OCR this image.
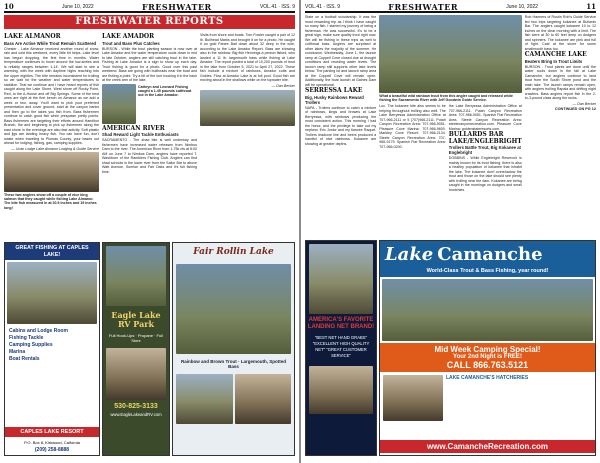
10	June 10, 2022	FRESHWATER	VOL.41 · ISS. 9
FRESHWATER REPORTS
LAKE ALMANOR
Bass Are Active While Trout Remain Scattered

Chester - Lake Almanor received another round of snow, rain and cold this weekend, every little bit helps. Lake level has begun dropping, the first time in months. Water temperature continues to hover around the low-sixties and is reliably ranges between 1-14'. We will start to see a warming, with the week with daytime highs reaching into the upper eighties. The bite remains inconsistent for trolling so we wait for the weather and water temperatures to stabilize. That we continue and I have heard reports of fish caught along the Lake Shore, West shore off Rocky Point, Red, to the A-House and off Big Springs. Some of the best ones are right at the first bench on Almanor as we add a week or two, away. You'll want to pick your preferred presentation and cover ground, start at the canyon banks and then go to the lakes you fish from. Bass fishermen continue to catch good fish while prespawn pretty points. Bass fishermen are targeting their efforts around Hamilton Branch, the and beginning to pick up fishermen along the east shore in the evenings are also fast activity. Soft plastic and jigs are landing heavy fish. You can have fun, don't waste when traveling to Plumas County, your bases out ahead for lodging, fishing, gas, camping supplies.

— Ucan Lodge Lake Almanor Lodging & Guide Service

These two anglers show off a couple of nice king salmon that they caught while fishing Lake Almanor. The bite fish measured in at 20.5 inches and 19 inches long!
LAKE AMADOR
Trout and Bass Plus Catches

BURSON - While the trout planting season is now over at Lake Amador and the water temperature cools down in mid to late October, anglers are still catching trout in the lake. Fishing at Lake Amador is a sign to show up each day. Trout fishing is good for a photo. Good over this past weekend. Bass are going with bullheads near the boat and are fishing a point. Try a bit of the lure hooking it in the back at the creek arm of the lake.

Cathryn and Leonard Fishing caught a 1.45 pounds cutthroat out in the Lake Amador.
AMERICAN RIVER
Shad Reward Light Tackle Enthusiasts

SACRAMENTO - The shad bite is well underway and fishermen have increased water releases from Nimbus Dam to the river. The American River from 1.75k cfs at 8:00 AM on June 7 to Nimbus Dam, anglers have reported T. Washburn of the Ramblers Fishing Club. Anglers can find shad schools in the lower river from the Sailor Bar to above Watt Avenue, Sunrise and Fair Oaks and it's full fishing time.

Visits from shore and boats. Tom Fowler caught a pair of 12 lb. Bullhead Marks and brought it on for a photo. He caught it on gold Panee Bait down about 32 deep in the wire, according to the Lake Amador Report. Bass are showing also in the rainbow. Big fish Hennings a person fished, who landed a 11 lb. largemouth bass while fishing at Lake Amador. The report posted a total of 10,200 pounds of trout in the lake from October 5, 2021 to April 27, 2022. These fish include a mixture of rainbows, Amador cutts and Gobies. Flow at Amador Lake is at full pool. Good fish are moving about in the shallows while on the topwater bite.

— Dan Becker

GREAT FISHING AT CAPLES LAKE!
Cabins and Lodge Room
Fishing Tackle
Camping Supplies
Marina
Boat Rentals
CAPLES LAKE RESORT
P.O. Box 8, Kirkwood, Caifornia
(209) 258-8888
Eagle Lake RV Park
Full Hook-Ups · Propane · Full Store
530-825-3133
www.EagleLakeandRV.com
Fair Rollin Lake
Rainbow and Brown Trout · Largemouth, Spotted Bass
VOL.41 · ISS. 9	FRESHWATER	June 10, 2022	11

State on a football scholarship. It was the most rewarding trip as I think I have caught so many fish. I started my journey of being a fisherman. He was successful. It's to be a great sign, make sure quality trout right now. We will be fishing in these trips as well to cutthroat bass. Anglers are surprised at other lakes the majority of the summer. He conclusion. Wednesday, June 1, the launch ramp at Coppell Cove closed due at drought conditions and receding water levels. The launch ramp still supports other lake levels below. The parking lot and launch ramp area at the Coppell Cove will remain open. Additionally, the boat launch at Gaines Dam will be operational.

SERRESSA LAKE
Big, Husky Rainbows Reward Trollers

NAPA - Trollers continue to catch a mixture of rainbows, kings and browns at Lake Berryessa, with rainbows producing the most consistent action. This morning I had the honor, and the privilege to take out my nephew, Eric Junior and my fiancée Raquel. Trollers leadcore line and beers produced a handful of nice rainbows. Kokanee are showing at greater depths.

What a beautiful wild rainbow trout from this angler caught and released while fishing the Sacramento River with Jeff Goodwin Guide Service.

Loc. The kokanee bite also seems to be helping throughout trolling also well. The Lake Berryessa Administration Office at 707-966-2111 or 5 (707)966-2111. Putah Canyon Recreation Area: 707-966-9051. Pleasure Cove Marina: 707-966-9600. Markley Cove Resort: 707-966-2134. Steele Canyon Recreation Area: 707-966-9179. Spanish Flat Recreation Area: 707-966-0200.

the Lake Berryessa Administration Office at 707-966-2111. Putah Canyon Recreation Area: 707-966-9051. Spanish Flat Recreation Area. Steele Canyon Recreation Area: steelecanyonrecreation.com. Pleasure Cove Marina: goldenstateresorts.com.

BULLARDS BAR LAKE/ENGLEBRIGHT
Trollers Battle Trout, Big Kokanee at Englebright

DOBBINS - While Englebright Reservoir is mainly known for its trout fishing, there is also a healthy population of kokanee that inhabit the lake. The kokanee don't overshadow the trout and those on the lake should see plenty with trolling near the dam. Kokanee are being caught in the mornings on dodgers and small hootchies.

Rob Hanners of Rustin Rob's Guide Service led two trips targeting kokanee at Bullards Bar. The anglers caught kokanee 10 to 12 inches on the clear morning with a limit. The fish were at 30 to 60 feet deep on dodgers and spinners. The kokanee are pink and full of fight. Cast at the shore for some smallmouth bass too.

CAMANCHE LAKE
Beaters Bring In Trout Limits

BURSON - Trout plants are done until the water cools down in the fall at Lake Camanche, but anglers continue to land trout from the South Shore pond and the main lake. The launch ramps remain open, with anglers trolling Rapala and drifting night crawlers. Bass anglers report fish in the 2-to-3-pound class along the rocks.

— Dan Becker

CONTINUED ON PG 12

AMERICA'S FAVORITE
LANDING NET BRAND!
"BEST NET HAND GRABS" "EXCELLENT HIGH QUALITY NET" "GREAT CUSTOMER SERVICE"
Lake Camanche
World-Class Trout & Bass Fishing, year round!
Mid Week Camping Special!
Your 2nd Night is FREE!
CALL 866.763.5121
LAKE CAMANCHE'S HATCHERIES
www.CamancheRecreation.com
